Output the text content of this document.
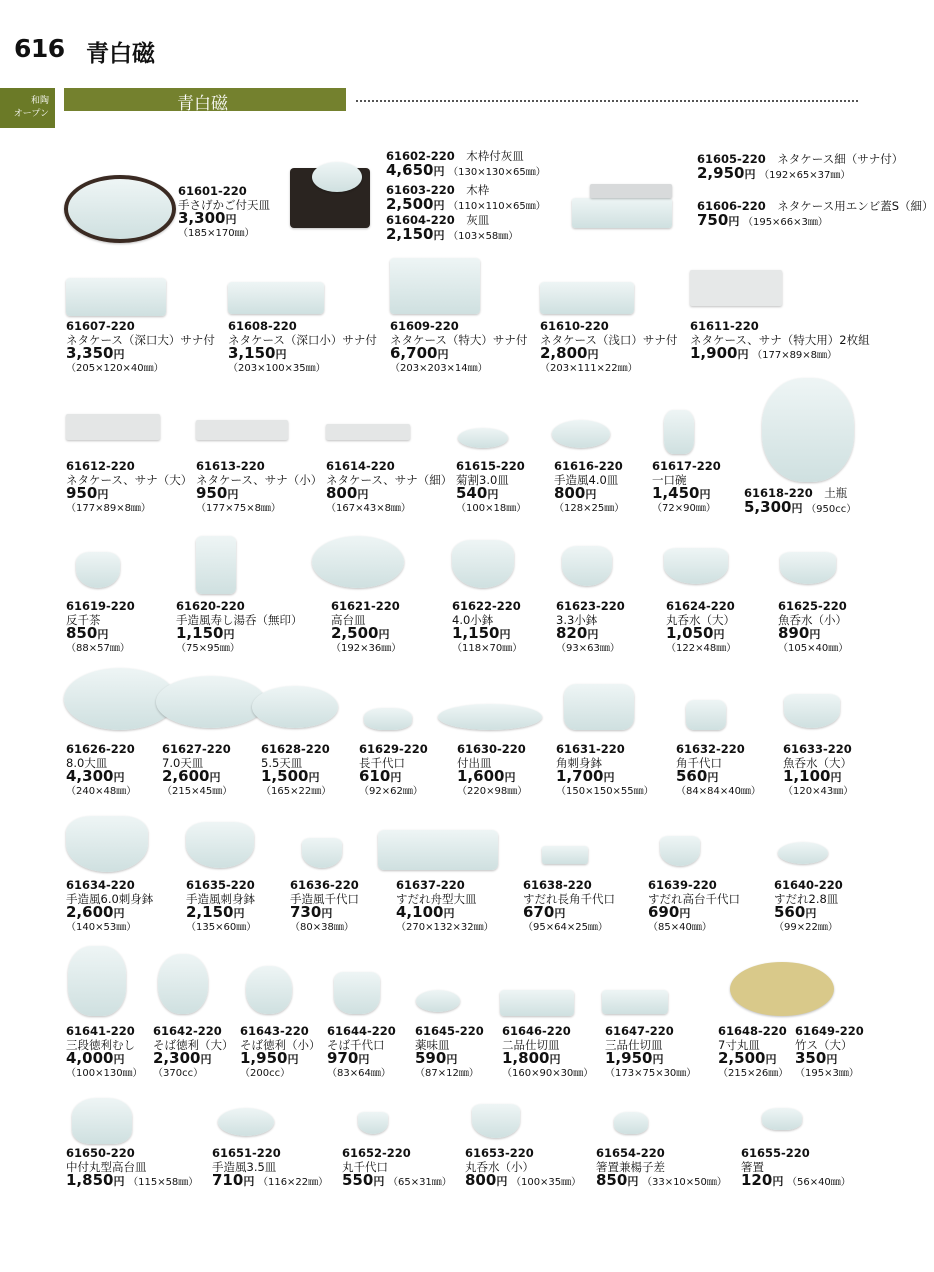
616 青白磁
和陶
オープン	青白磁
61601-220
手さげかご付天皿
3,300円
（185×170㎜）
61602-220　 木枠付灰皿
4,650円 （130×130×65㎜）
61603-220　 木枠
2,500円 （110×110×65㎜）
61604-220　 灰皿
2,150円 （103×58㎜）
61605-220　 ネタケース細（サナ付）
2,950円 （192×65×37㎜）
61606-220　 ネタケース用エンビ蓋S（細）
750円 （195×66×3㎜）
61607-220
ネタケース（深口大）サナ付
3,350円
（205×120×40㎜）
61608-220
ネタケース（深口小）サナ付
3,150円
（203×100×35㎜）
61609-220
ネタケース（特大）サナ付
6,700円
（203×203×14㎜）
61610-220
ネタケース（浅口）サナ付
2,800円
（203×111×22㎜）
61611-220
ネタケース、サナ（特大用）2枚組
1,900円 （177×89×8㎜）
61612-220
ネタケース、サナ（大）
950円
（177×89×8㎜）
61613-220
ネタケース、サナ（小）
950円
（177×75×8㎜）
61614-220
ネタケース、サナ（細）
800円
（167×43×8㎜）
61615-220
菊割3.0皿
540円
（100×18㎜）
61616-220
手造風4.0皿
800円
（128×25㎜）
61617-220
一口碗
1,450円
（72×90㎜）
61618-220　 土瓶
5,300円 （950cc）
61619-220
反千茶
850円
（88×57㎜）
61620-220
手造風寿し湯呑（無印）
1,150円
（75×95㎜）
61621-220
高台皿
2,500円
（192×36㎜）
61622-220
4.0小鉢
1,150円
（118×70㎜）
61623-220
3.3小鉢
820円
（93×63㎜）
61624-220
丸呑水（大）
1,050円
（122×48㎜）
61625-220
魚呑水（小）
890円
（105×40㎜）
61626-220
8.0大皿
4,300円
（240×48㎜）
61627-220
7.0天皿
2,600円
（215×45㎜）
61628-220
5.5天皿
1,500円
（165×22㎜）
61629-220
長千代口
610円
（92×62㎜）
61630-220
付出皿
1,600円
（220×98㎜）
61631-220
角刺身鉢
1,700円
（150×150×55㎜）
61632-220
角千代口
560円
（84×84×40㎜）
61633-220
魚呑水（大）
1,100円
（120×43㎜）
61634-220
手造風6.0刺身鉢
2,600円
（140×53㎜）
61635-220
手造風刺身鉢
2,150円
（135×60㎜）
61636-220
手造風千代口
730円
（80×38㎜）
61637-220
すだれ舟型大皿
4,100円
（270×132×32㎜）
61638-220
すだれ長角千代口
670円
（95×64×25㎜）
61639-220
すだれ高台千代口
690円
（85×40㎜）
61640-220
すだれ2.8皿
560円
（99×22㎜）
61641-220
三段徳利むし
4,000円
（100×130㎜）
61642-220
そば徳利（大）
2,300円
（370cc）
61643-220
そば徳利（小）
1,950円
（200cc）
61644-220
そば千代口
970円
（83×64㎜）
61645-220
薬味皿
590円
（87×12㎜）
61646-220
二品仕切皿
1,800円
（160×90×30㎜）
61647-220
三品仕切皿
1,950円
（173×75×30㎜）
61648-220
7寸丸皿
2,500円
（215×26㎜）
61649-220
竹ス（大）
350円
（195×3㎜）
61650-220
中付丸型高台皿
1,850円 （115×58㎜）
61651-220
手造風3.5皿
710円 （116×22㎜）
61652-220
丸千代口
550円 （65×31㎜）
61653-220
丸呑水（小）
800円 （100×35㎜）
61654-220
箸置兼楊子差
850円 （33×10×50㎜）
61655-220
箸置
120円 （56×40㎜）
